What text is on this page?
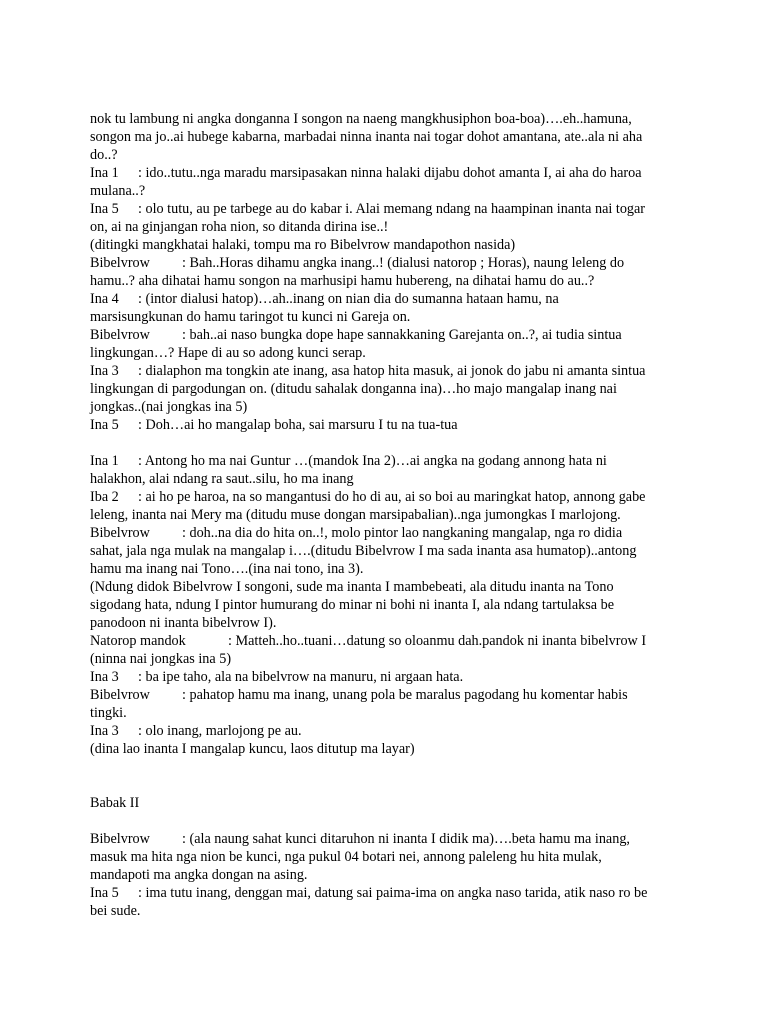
nok tu lambung ni angka donganna I songon na naeng mangkhusiphon boa-boa)….eh..hamuna,
songon ma jo..ai hubege kabarna, marbadai ninna inanta nai togar dohot amantana, ate..ala ni aha
do..?
Ina 1 : ido..tutu..nga maradu marsipasakan ninna halaki dijabu dohot amanta I, ai aha do haroa
mulana..?
Ina 5 : olo tutu, au pe tarbege au do kabar i. Alai memang ndang na haampinan inanta nai togar
on, ai na ginjangan roha nion, so ditanda dirina ise..!
(ditingki mangkhatai halaki, tompu ma ro Bibelvrow mandapothon nasida)
Bibelvrow : Bah..Horas dihamu angka inang..! (dialusi natorop ; Horas), naung leleng do
hamu..? aha dihatai hamu songon na marhusipi hamu hubereng, na dihatai hamu do au..?
Ina 4 : (intor dialusi hatop)…ah..inang on nian dia do sumanna hataan hamu, na
marsisungkunan do hamu taringot tu kunci ni Gareja on.
Bibelvrow : bah..ai naso bungka dope hape sannakkaning Garejanta on..?, ai tudia sintua
lingkungan…? Hape di au so adong kunci serap.
Ina 3 : dialaphon ma tongkin ate inang, asa hatop hita masuk, ai jonok do jabu ni amanta sintua
lingkungan di pargodungan on. (ditudu sahalak donganna ina)…ho majo mangalap inang nai
jongkas..(nai jongkas ina 5)
Ina 5 : Doh…ai ho mangalap boha, sai marsuru I tu na tua-tua
Ina 1 : Antong ho ma nai Guntur …(mandok Ina 2)…ai angka na godang annong hata ni
halakhon, alai ndang ra saut..silu, ho ma inang
Iba 2 : ai ho pe haroa, na so mangantusi do ho di au, ai so boi au maringkat hatop, annong gabe
leleng, inanta nai Mery ma (ditudu muse dongan marsipabalian)..nga jumongkas I marlojong.
Bibelvrow : doh..na dia do hita on..!, molo pintor lao nangkaning mangalap, nga ro didia
sahat, jala nga mulak na mangalap i….(ditudu Bibelvrow I ma sada inanta asa humatop)..antong
hamu ma inang nai Tono….(ina nai tono, ina 3).
(Ndung didok Bibelvrow I songoni, sude ma inanta I mambebeati, ala ditudu inanta na Tono
sigodang hata, ndung I pintor humurang do minar ni bohi ni inanta I, ala ndang tartulaksa be
panodoon ni inanta bibelvrow I).
Natorop mandok	: Matteh..ho..tuani…datung so oloanmu dah.pandok ni inanta bibelvrow I
(ninna nai jongkas ina 5)
Ina 3 : ba ipe taho, ala na bibelvrow na manuru, ni argaan hata.
Bibelvrow : pahatop hamu ma inang, unang pola be maralus pagodang hu komentar habis
tingki.
Ina 3 : olo inang, marlojong pe au.
(dina lao inanta I mangalap kuncu, laos ditutup ma layar)

Babak II

Bibelvrow : (ala naung sahat kunci ditaruhon ni inanta I didik ma)….beta hamu ma inang,
masuk ma hita nga nion be kunci, nga pukul 04 botari nei, annong paleleng hu hita mulak,
mandapoti ma angka dongan na asing.
Ina 5 : ima tutu inang, denggan mai, datung sai paima-ima on angka naso tarida, atik naso ro be
bei sude.
